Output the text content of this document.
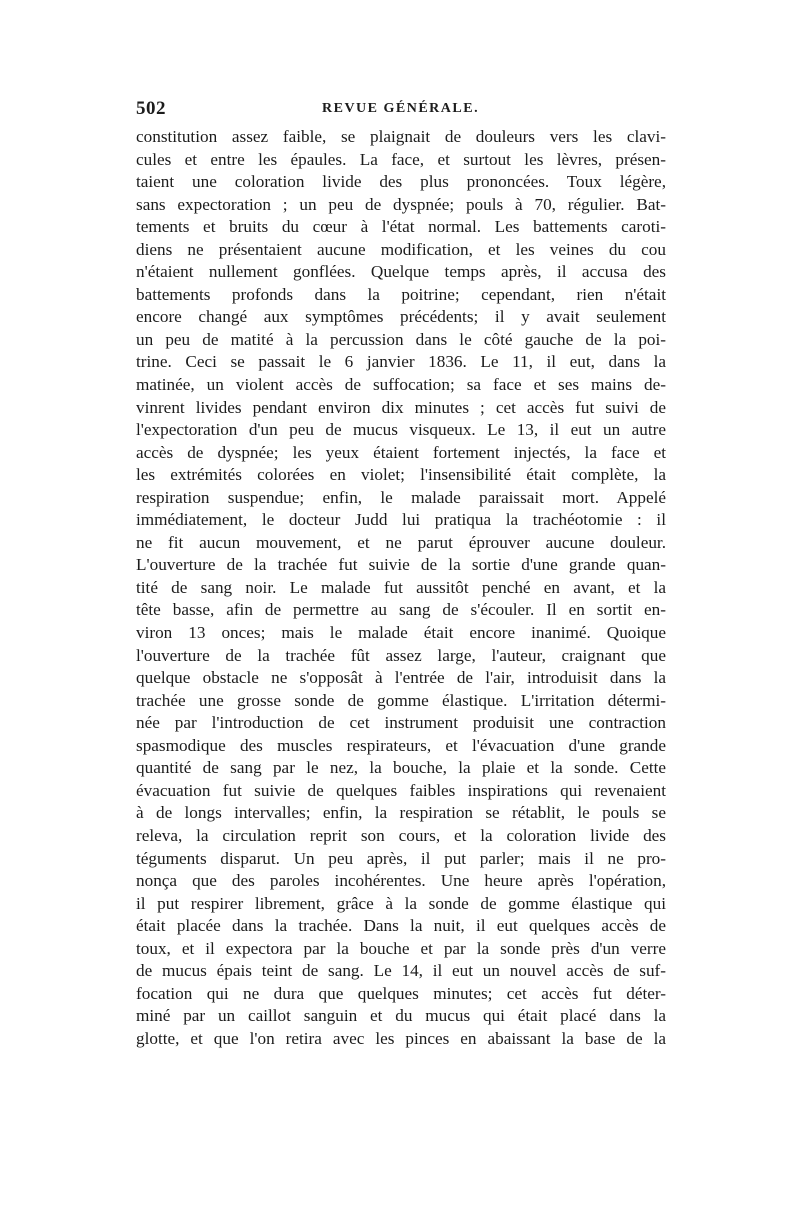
502	REVUE GÉNÉRALE.
constitution assez faible, se plaignait de douleurs vers les clavi-
cules et entre les épaules. La face, et surtout les lèvres, présen-
taient une coloration livide des plus prononcées. Toux légère,
sans expectoration ; un peu de dyspnée; pouls à 70, régulier. Bat-
tements et bruits du cœur à l'état normal. Les battements caroti-
diens ne présentaient aucune modification, et les veines du cou
n'étaient nullement gonflées. Quelque temps après, il accusa des
battements profonds dans la poitrine; cependant, rien n'était
encore changé aux symptômes précédents; il y avait seulement
un peu de matité à la percussion dans le côté gauche de la poi-
trine. Ceci se passait le 6 janvier 1836. Le 11, il eut, dans la
matinée, un violent accès de suffocation; sa face et ses mains de-
vinrent livides pendant environ dix minutes ; cet accès fut suivi de
l'expectoration d'un peu de mucus visqueux. Le 13, il eut un autre
accès de dyspnée; les yeux étaient fortement injectés, la face et
les extrémités colorées en violet; l'insensibilité était complète, la
respiration suspendue; enfin, le malade paraissait mort. Appelé
immédiatement, le docteur Judd lui pratiqua la trachéotomie : il
ne fit aucun mouvement, et ne parut éprouver aucune douleur.
L'ouverture de la trachée fut suivie de la sortie d'une grande quan-
tité de sang noir. Le malade fut aussitôt penché en avant, et la
tête basse, afin de permettre au sang de s'écouler. Il en sortit en-
viron 13 onces; mais le malade était encore inanimé. Quoique
l'ouverture de la trachée fût assez large, l'auteur, craignant que
quelque obstacle ne s'opposât à l'entrée de l'air, introduisit dans la
trachée une grosse sonde de gomme élastique. L'irritation détermi-
née par l'introduction de cet instrument produisit une contraction
spasmodique des muscles respirateurs, et l'évacuation d'une grande
quantité de sang par le nez, la bouche, la plaie et la sonde. Cette
évacuation fut suivie de quelques faibles inspirations qui revenaient
à de longs intervalles; enfin, la respiration se rétablit, le pouls se
releva, la circulation reprit son cours, et la coloration livide des
téguments disparut. Un peu après, il put parler; mais il ne pro-
nonça que des paroles incohérentes. Une heure après l'opération,
il put respirer librement, grâce à la sonde de gomme élastique qui
était placée dans la trachée. Dans la nuit, il eut quelques accès de
toux, et il expectora par la bouche et par la sonde près d'un verre
de mucus épais teint de sang. Le 14, il eut un nouvel accès de suf-
focation qui ne dura que quelques minutes; cet accès fut déter-
miné par un caillot sanguin et du mucus qui était placé dans la
glotte, et que l'on retira avec les pinces en abaissant la base de la
